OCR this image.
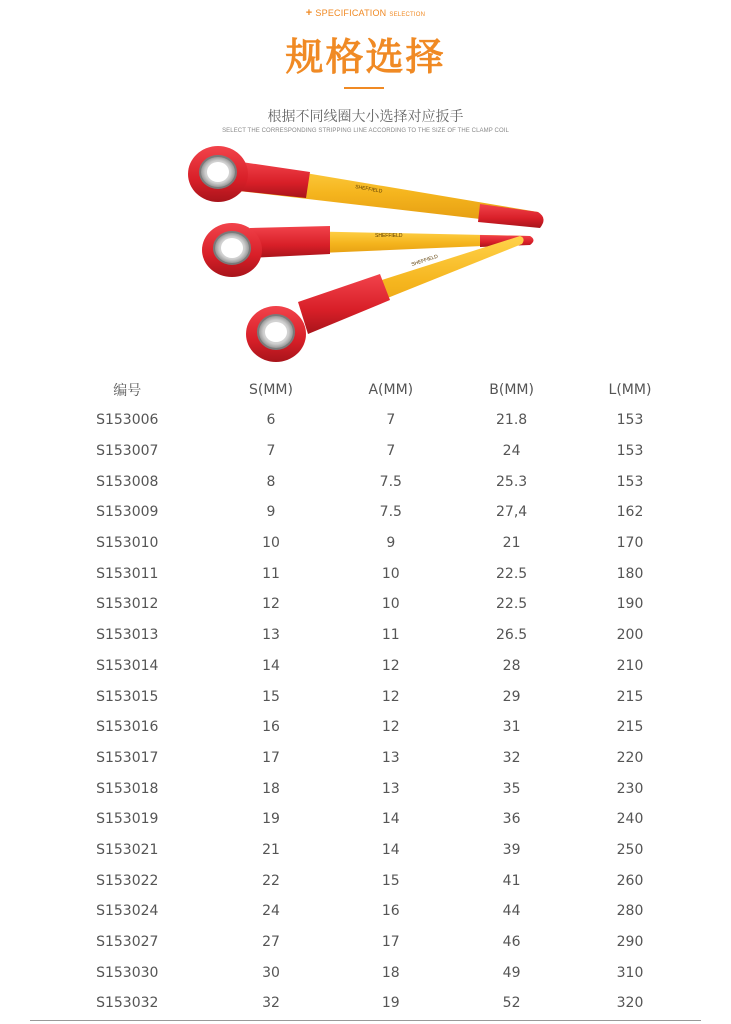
+ SPECIFICATION SELECTION
规格选择
根据不同线圈大小选择对应扳手
SELECT THE CORRESPONDING STRIPPING LINE ACCORDING TO THE SIZE OF THE CLAMP COIL
SHEFFIELD
SHEFFIELD
SHEFFIELD
编号	S(MM)	A(MM)	B(MM)	L(MM)
S153006	6	7	21.8	153
S153007	7	7	24	153
S153008	8	7.5	25.3	153
S153009	9	7.5	27,4	162
S153010	10	9	21	170
S153011	11	10	22.5	180
S153012	12	10	22.5	190
S153013	13	11	26.5	200
S153014	14	12	28	210
S153015	15	12	29	215
S153016	16	12	31	215
S153017	17	13	32	220
S153018	18	13	35	230
S153019	19	14	36	240
S153021	21	14	39	250
S153022	22	15	41	260
S153024	24	16	44	280
S153027	27	17	46	290
S153030	30	18	49	310
S153032	32	19	52	320
